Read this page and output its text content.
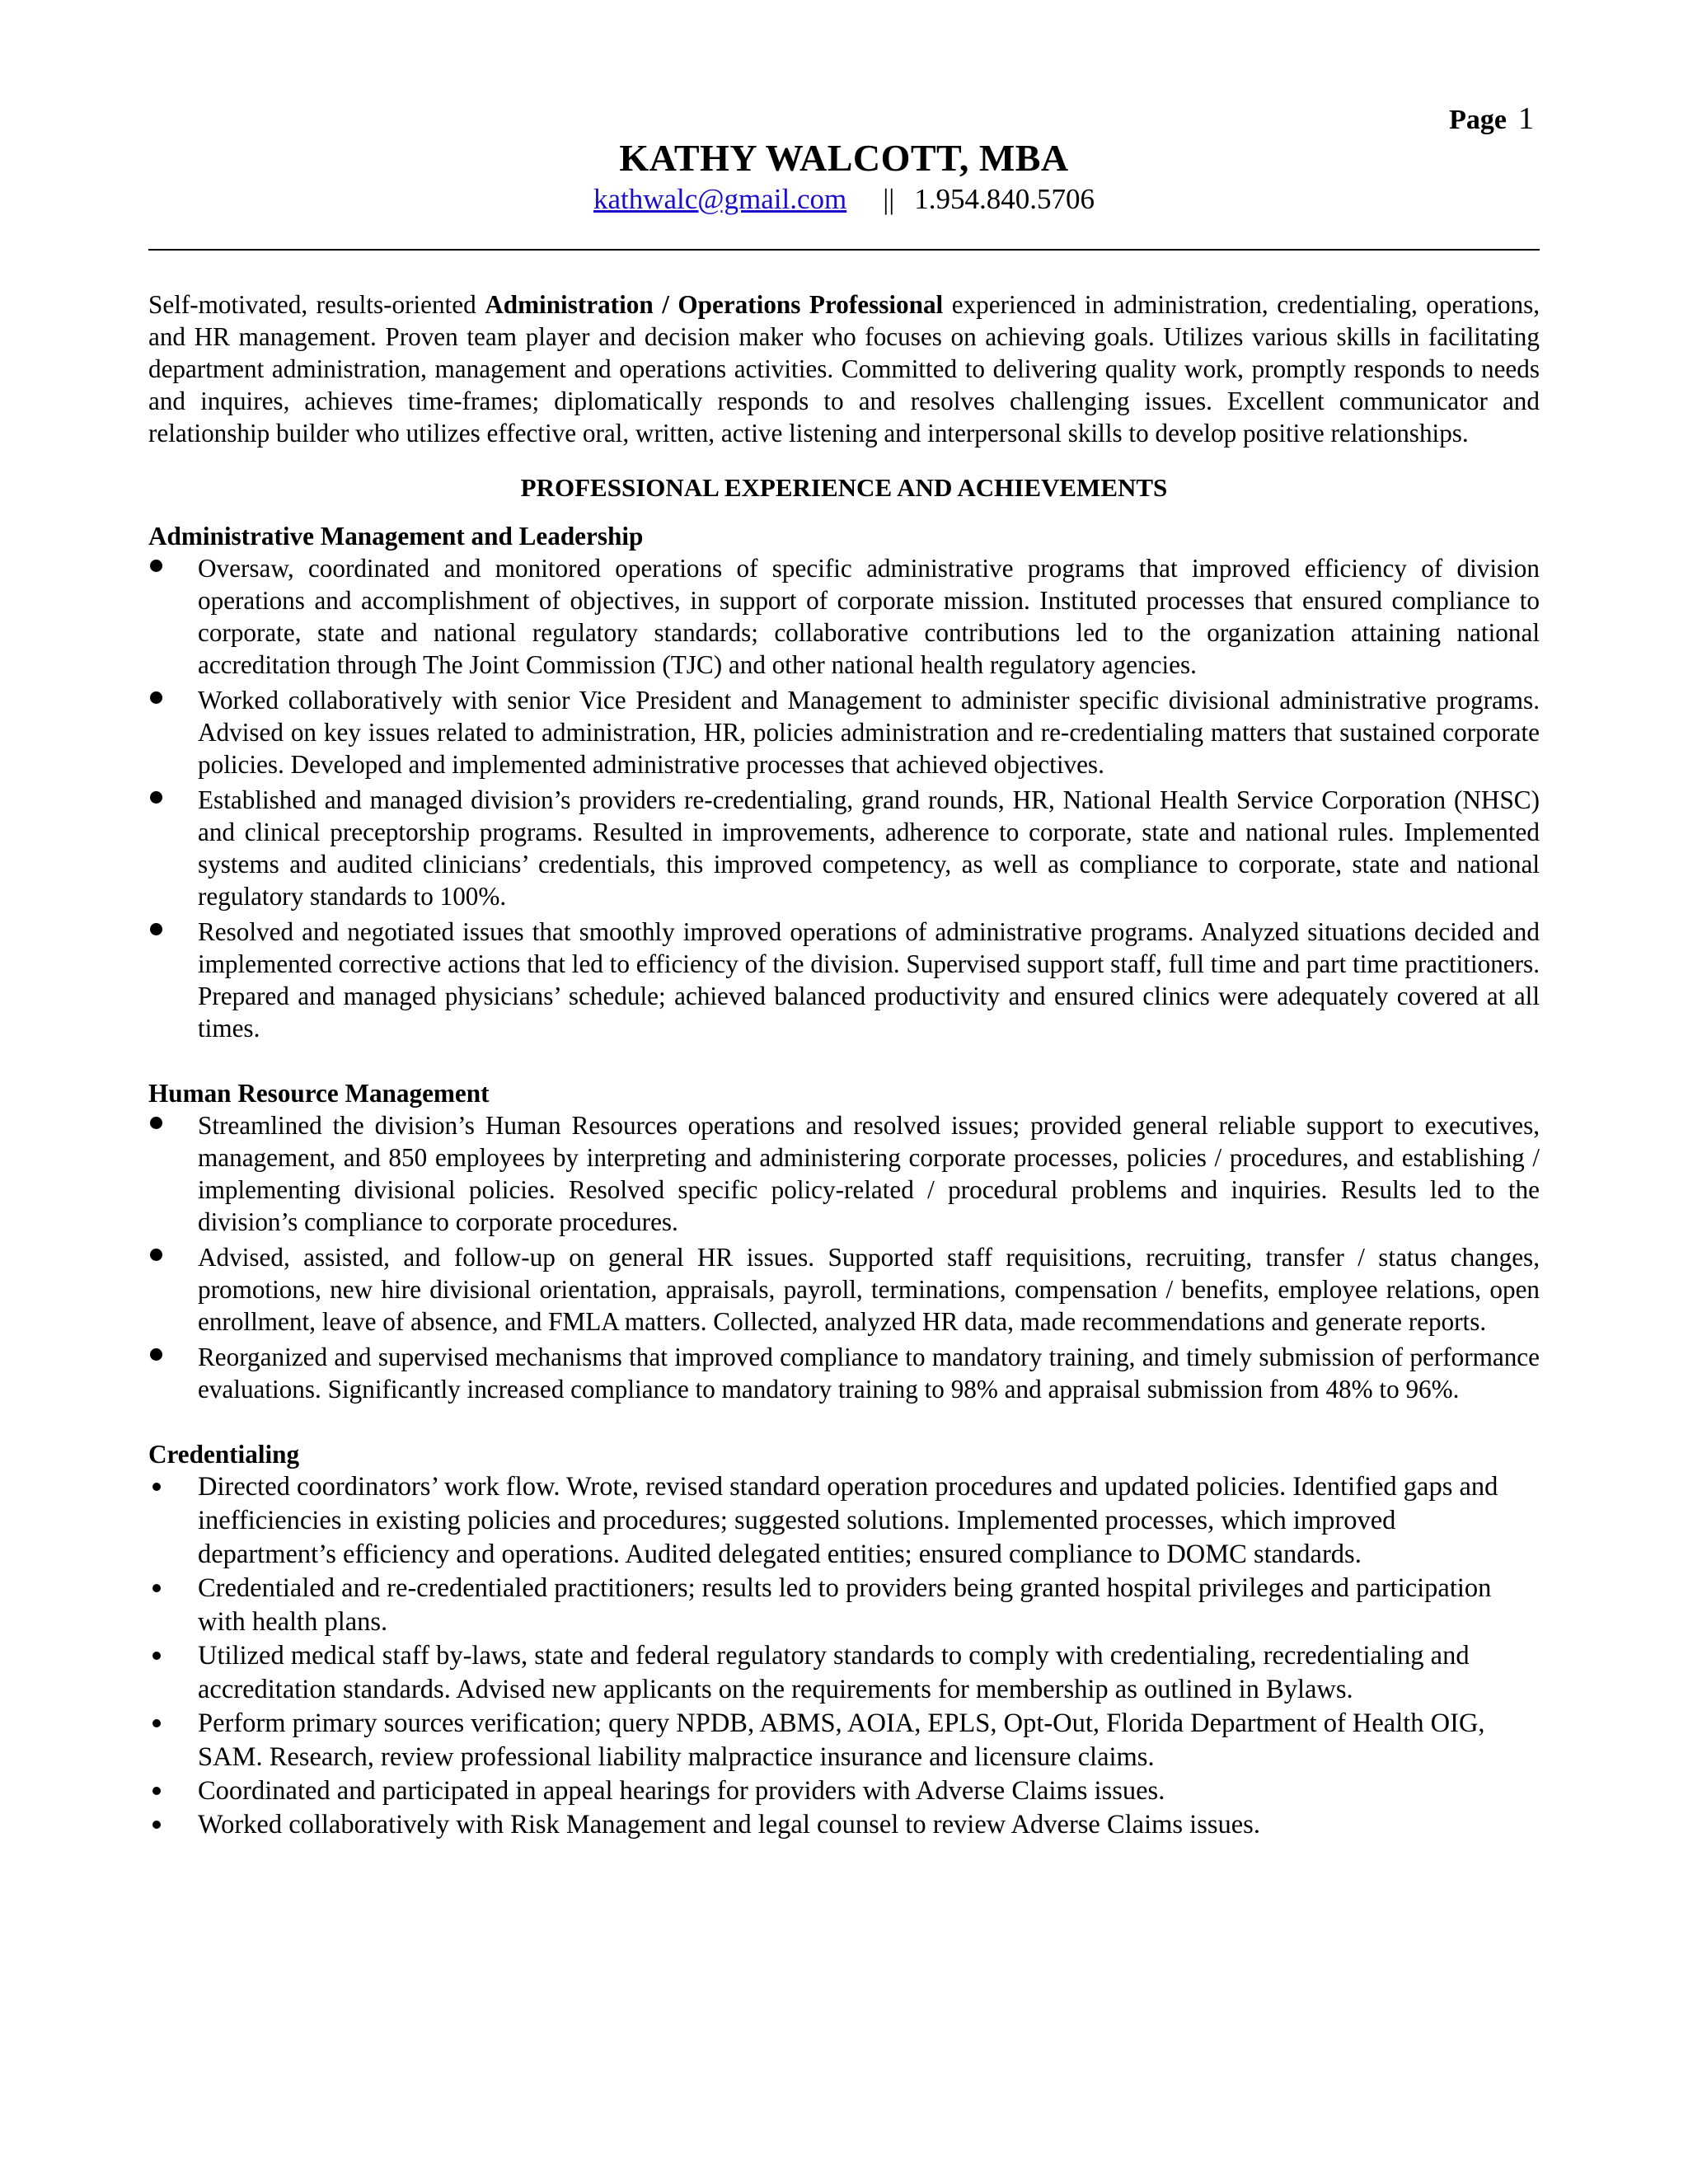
Page 1
KATHY WALCOTT, MBA
kathwalc@gmail.com || 1.954.840.5706

Self-motivated, results-oriented Administration / Operations Professional experienced in administration, credentialing, operations, and HR management. Proven team player and decision maker who focuses on achieving goals. Utilizes various skills in facilitating department administration, management and operations activities. Committed to delivering quality work, promptly responds to needs and inquires, achieves time-frames; diplomatically responds to and resolves challenging issues. Excellent communicator and relationship builder who utilizes effective oral, written, active listening and interpersonal skills to develop positive relationships.

PROFESSIONAL EXPERIENCE AND ACHIEVEMENTS
Administrative Management and Leadership
Oversaw, coordinated and monitored operations of specific administrative programs that improved efficiency of division operations and accomplishment of objectives, in support of corporate mission. Instituted processes that ensured compliance to corporate, state and national regulatory standards; collaborative contributions led to the organization attaining national accreditation through The Joint Commission (TJC) and other national health regulatory agencies.
Worked collaboratively with senior Vice President and Management to administer specific divisional administrative programs. Advised on key issues related to administration, HR, policies administration and re-credentialing matters that sustained corporate policies. Developed and implemented administrative processes that achieved objectives.
Established and managed division’s providers re-credentialing, grand rounds, HR, National Health Service Corporation (NHSC) and clinical preceptorship programs. Resulted in improvements, adherence to corporate, state and national rules. Implemented systems and audited clinicians’ credentials, this improved competency, as well as compliance to corporate, state and national regulatory standards to 100%.
Resolved and negotiated issues that smoothly improved operations of administrative programs. Analyzed situations decided and implemented corrective actions that led to efficiency of the division. Supervised support staff, full time and part time practitioners. Prepared and managed physicians’ schedule; achieved balanced productivity and ensured clinics were adequately covered at all times.
Human Resource Management
Streamlined the division’s Human Resources operations and resolved issues; provided general reliable support to executives, management, and 850 employees by interpreting and administering corporate processes, policies / procedures, and establishing / implementing divisional policies. Resolved specific policy-related / procedural problems and inquiries. Results led to the division’s compliance to corporate procedures.
Advised, assisted, and follow-up on general HR issues. Supported staff requisitions, recruiting, transfer / status changes, promotions, new hire divisional orientation, appraisals, payroll, terminations, compensation / benefits, employee relations, open enrollment, leave of absence, and FMLA matters. Collected, analyzed HR data, made recommendations and generate reports.
Reorganized and supervised mechanisms that improved compliance to mandatory training, and timely submission of performance evaluations. Significantly increased compliance to mandatory training to 98% and appraisal submission from 48% to 96%.
Credentialing
Directed coordinators’ work flow. Wrote, revised standard operation procedures and updated policies. Identified gaps and inefficiencies in existing policies and procedures; suggested solutions. Implemented processes, which improved department’s efficiency and operations. Audited delegated entities; ensured compliance to DOMC standards.
Credentialed and re-credentialed practitioners; results led to providers being granted hospital privileges and participation with health plans.
Utilized medical staff by-laws, state and federal regulatory standards to comply with credentialing, recredentialing and accreditation standards. Advised new applicants on the requirements for membership as outlined in Bylaws.
Perform primary sources verification; query NPDB, ABMS, AOIA, EPLS, Opt-Out, Florida Department of Health OIG, SAM. Research, review professional liability malpractice insurance and licensure claims.
Coordinated and participated in appeal hearings for providers with Adverse Claims issues.
Worked collaboratively with Risk Management and legal counsel to review Adverse Claims issues.
